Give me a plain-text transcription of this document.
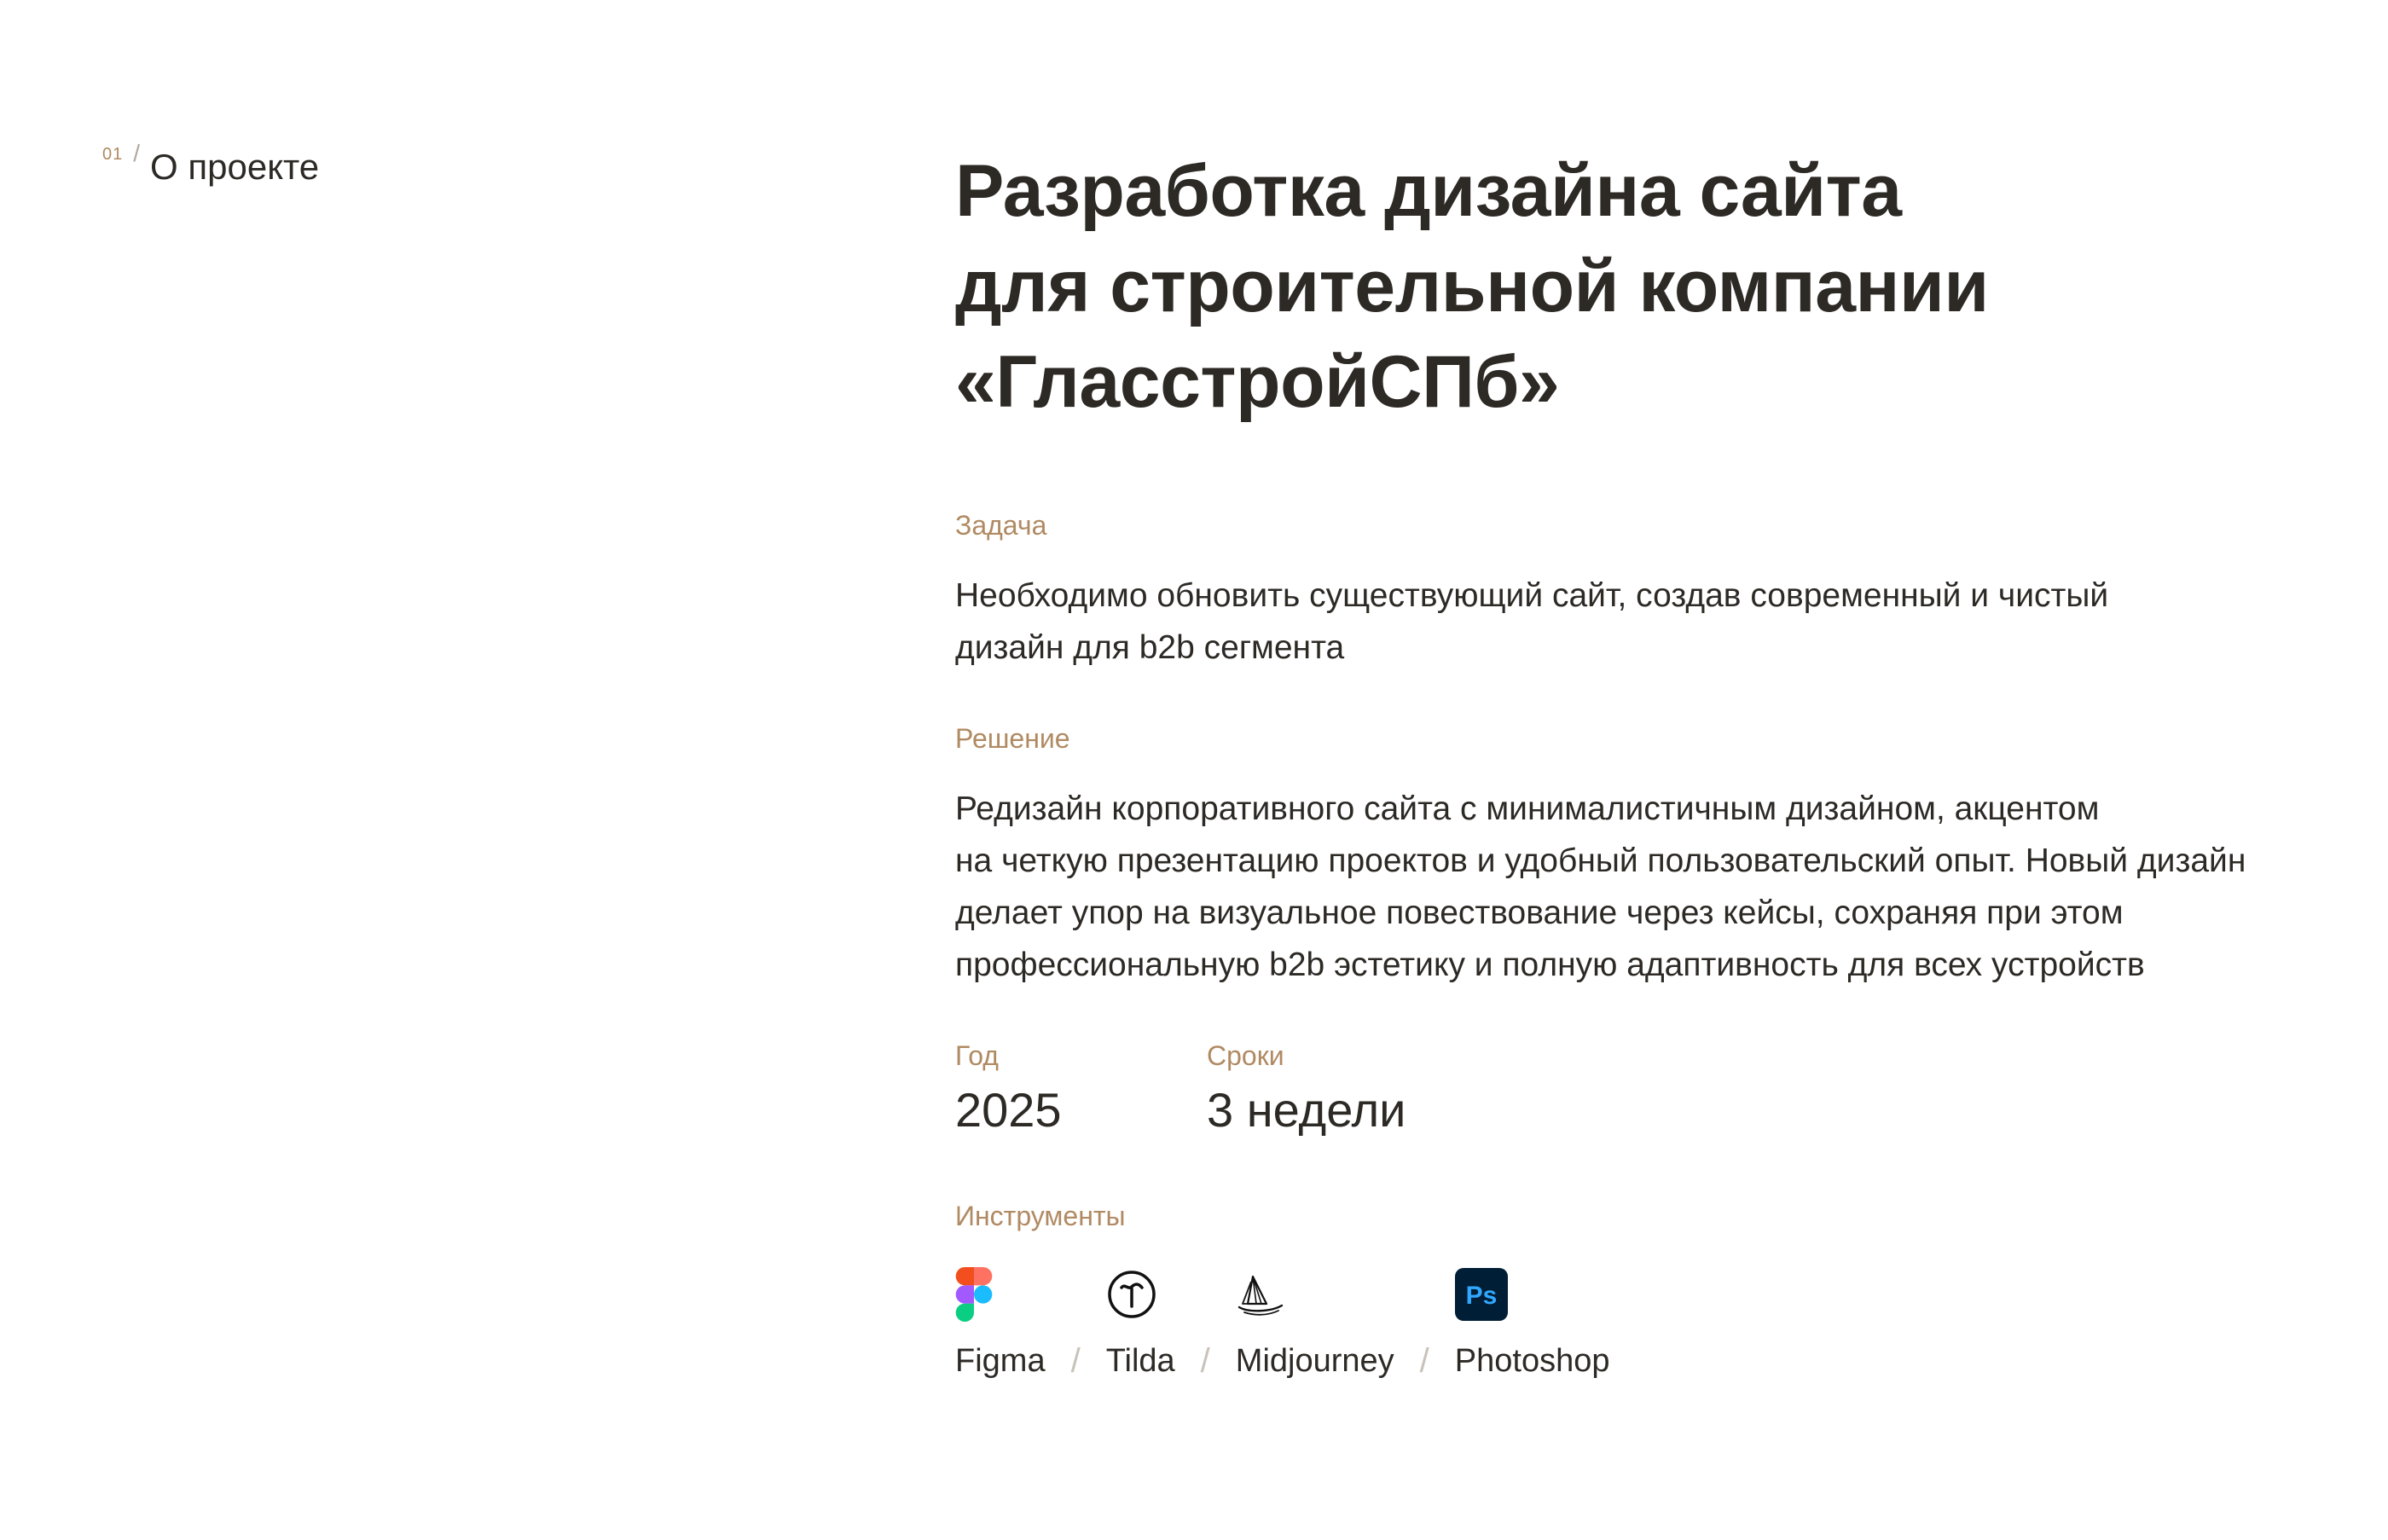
01 / О проекте	Разработка дизайна сайта
для строительной компании
«ГласстройСПб»

Задача

Необходимо обновить существующий сайт, создав современный и чистый
дизайн для b2b сегмента

Решение

Редизайн корпоративного сайта с минималистичным дизайном, акцентом
на четкую презентацию проектов и удобный пользовательский опыт. Новый дизайн
делает упор на визуальное повествование через кейсы, сохраняя при этом
профессиональную b2b эстетику и полную адаптивность для всех устройств

Год

2025

Сроки

3 недели

Инструменты

Figma / Tilda / Midjourney /
Ps
Photoshop
